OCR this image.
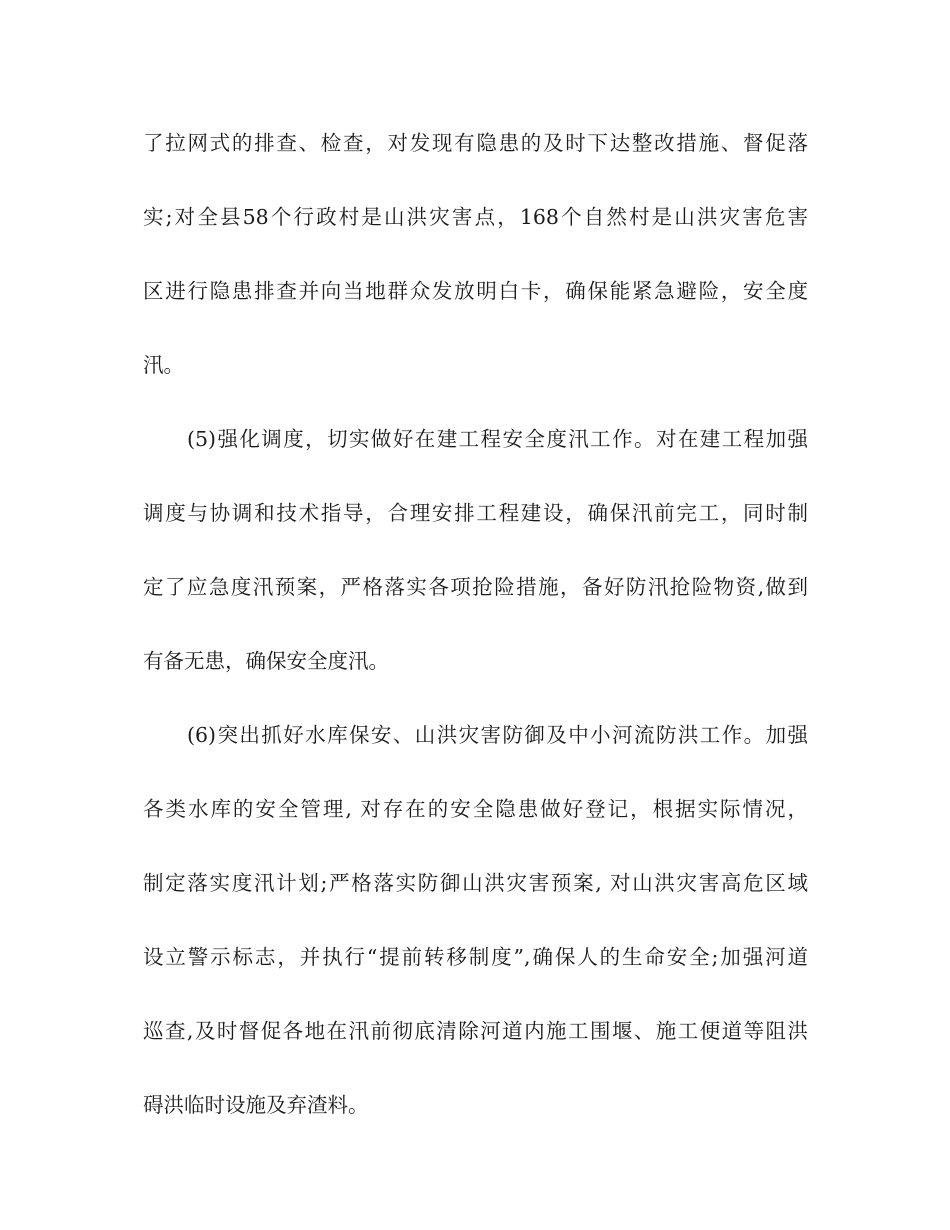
了拉网式的排查、检查，对发现有隐患的及时下达整改措施、督促落
实;对全县58个行政村是山洪灾害点，168个自然村是山洪灾害危害
区进行隐患排查并向当地群众发放明白卡，确保能紧急避险，安全度
汛。
(5)强化调度，切实做好在建工程安全度汛工作。对在建工程加强
调度与协调和技术指导，合理安排工程建设，确保汛前完工，同时制
定了应急度汛预案，严格落实各项抢险措施，备好防汛抢险物资,做到
有备无患，确保安全度汛。
(6)突出抓好水库保安、山洪灾害防御及中小河流防洪工作。加强
各类水库的安全管理, 对存在的安全隐患做好登记，根据实际情况，
制定落实度汛计划;严格落实防御山洪灾害预案, 对山洪灾害高危区域
设立警示标志，并执行“提前转移制度”,确保人的生命安全;加强河道
巡查,及时督促各地在汛前彻底清除河道内施工围堰、施工便道等阻洪
碍洪临时设施及弃渣料。
